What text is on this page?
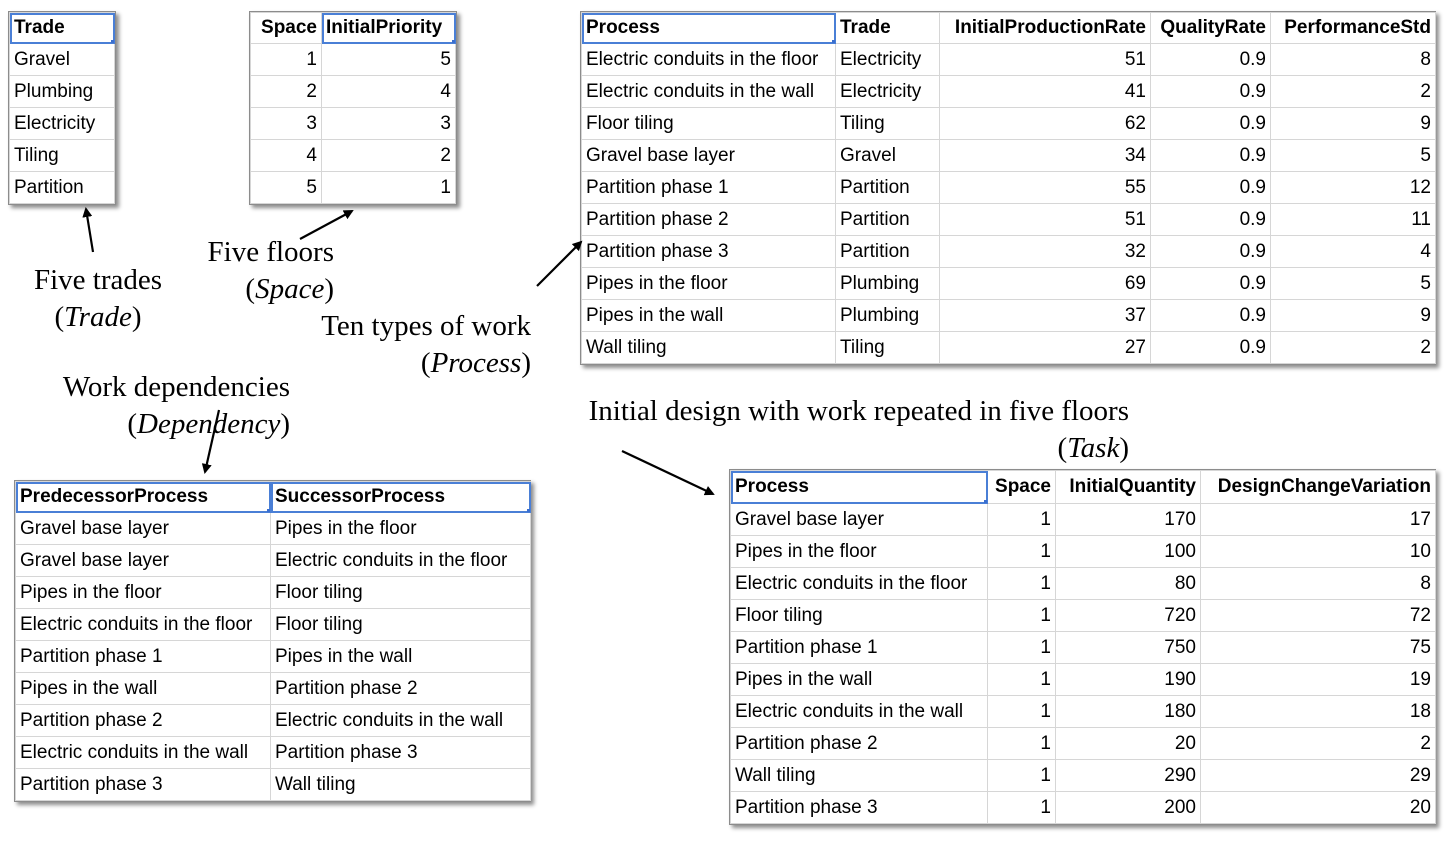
Trade
Gravel
Plumbing
Electricity
Tiling
Partition
Space	InitialPriority
1	5
2	4
3	3
4	2
5	1
Process	Trade	InitialProductionRate	QualityRate	PerformanceStd
Electric conduits in the floor	Electricity	51	0.9	8
Electric conduits in the wall	Electricity	41	0.9	2
Floor tiling	Tiling	62	0.9	9
Gravel base layer	Gravel	34	0.9	5
Partition phase 1	Partition	55	0.9	12
Partition phase 2	Partition	51	0.9	11
Partition phase 3	Partition	32	0.9	4
Pipes in the floor	Plumbing	69	0.9	5
Pipes in the wall	Plumbing	37	0.9	9
Wall tiling	Tiling	27	0.9	2
PredecessorProcess	SuccessorProcess
Gravel base layer	Pipes in the floor
Gravel base layer	Electric conduits in the floor
Pipes in the floor	Floor tiling
Electric conduits in the floor	Floor tiling
Partition phase 1	Pipes in the wall
Pipes in the wall	Partition phase 2
Partition phase 2	Electric conduits in the wall
Electric conduits in the wall	Partition phase 3
Partition phase 3	Wall tiling
Process	Space	InitialQuantity	DesignChangeVariation
Gravel base layer	1	170	17
Pipes in the floor	1	100	10
Electric conduits in the floor	1	80	8
Floor tiling	1	720	72
Partition phase 1	1	750	75
Pipes in the wall	1	190	19
Electric conduits in the wall	1	180	18
Partition phase 2	1	20	2
Wall tiling	1	290	29
Partition phase 3	1	200	20
Five trades
(Trade)
Five floors
(Space)
Ten types of work
(Process)
Work dependencies
(Dependency)	Initial design with work repeated in five floors
(Task)
